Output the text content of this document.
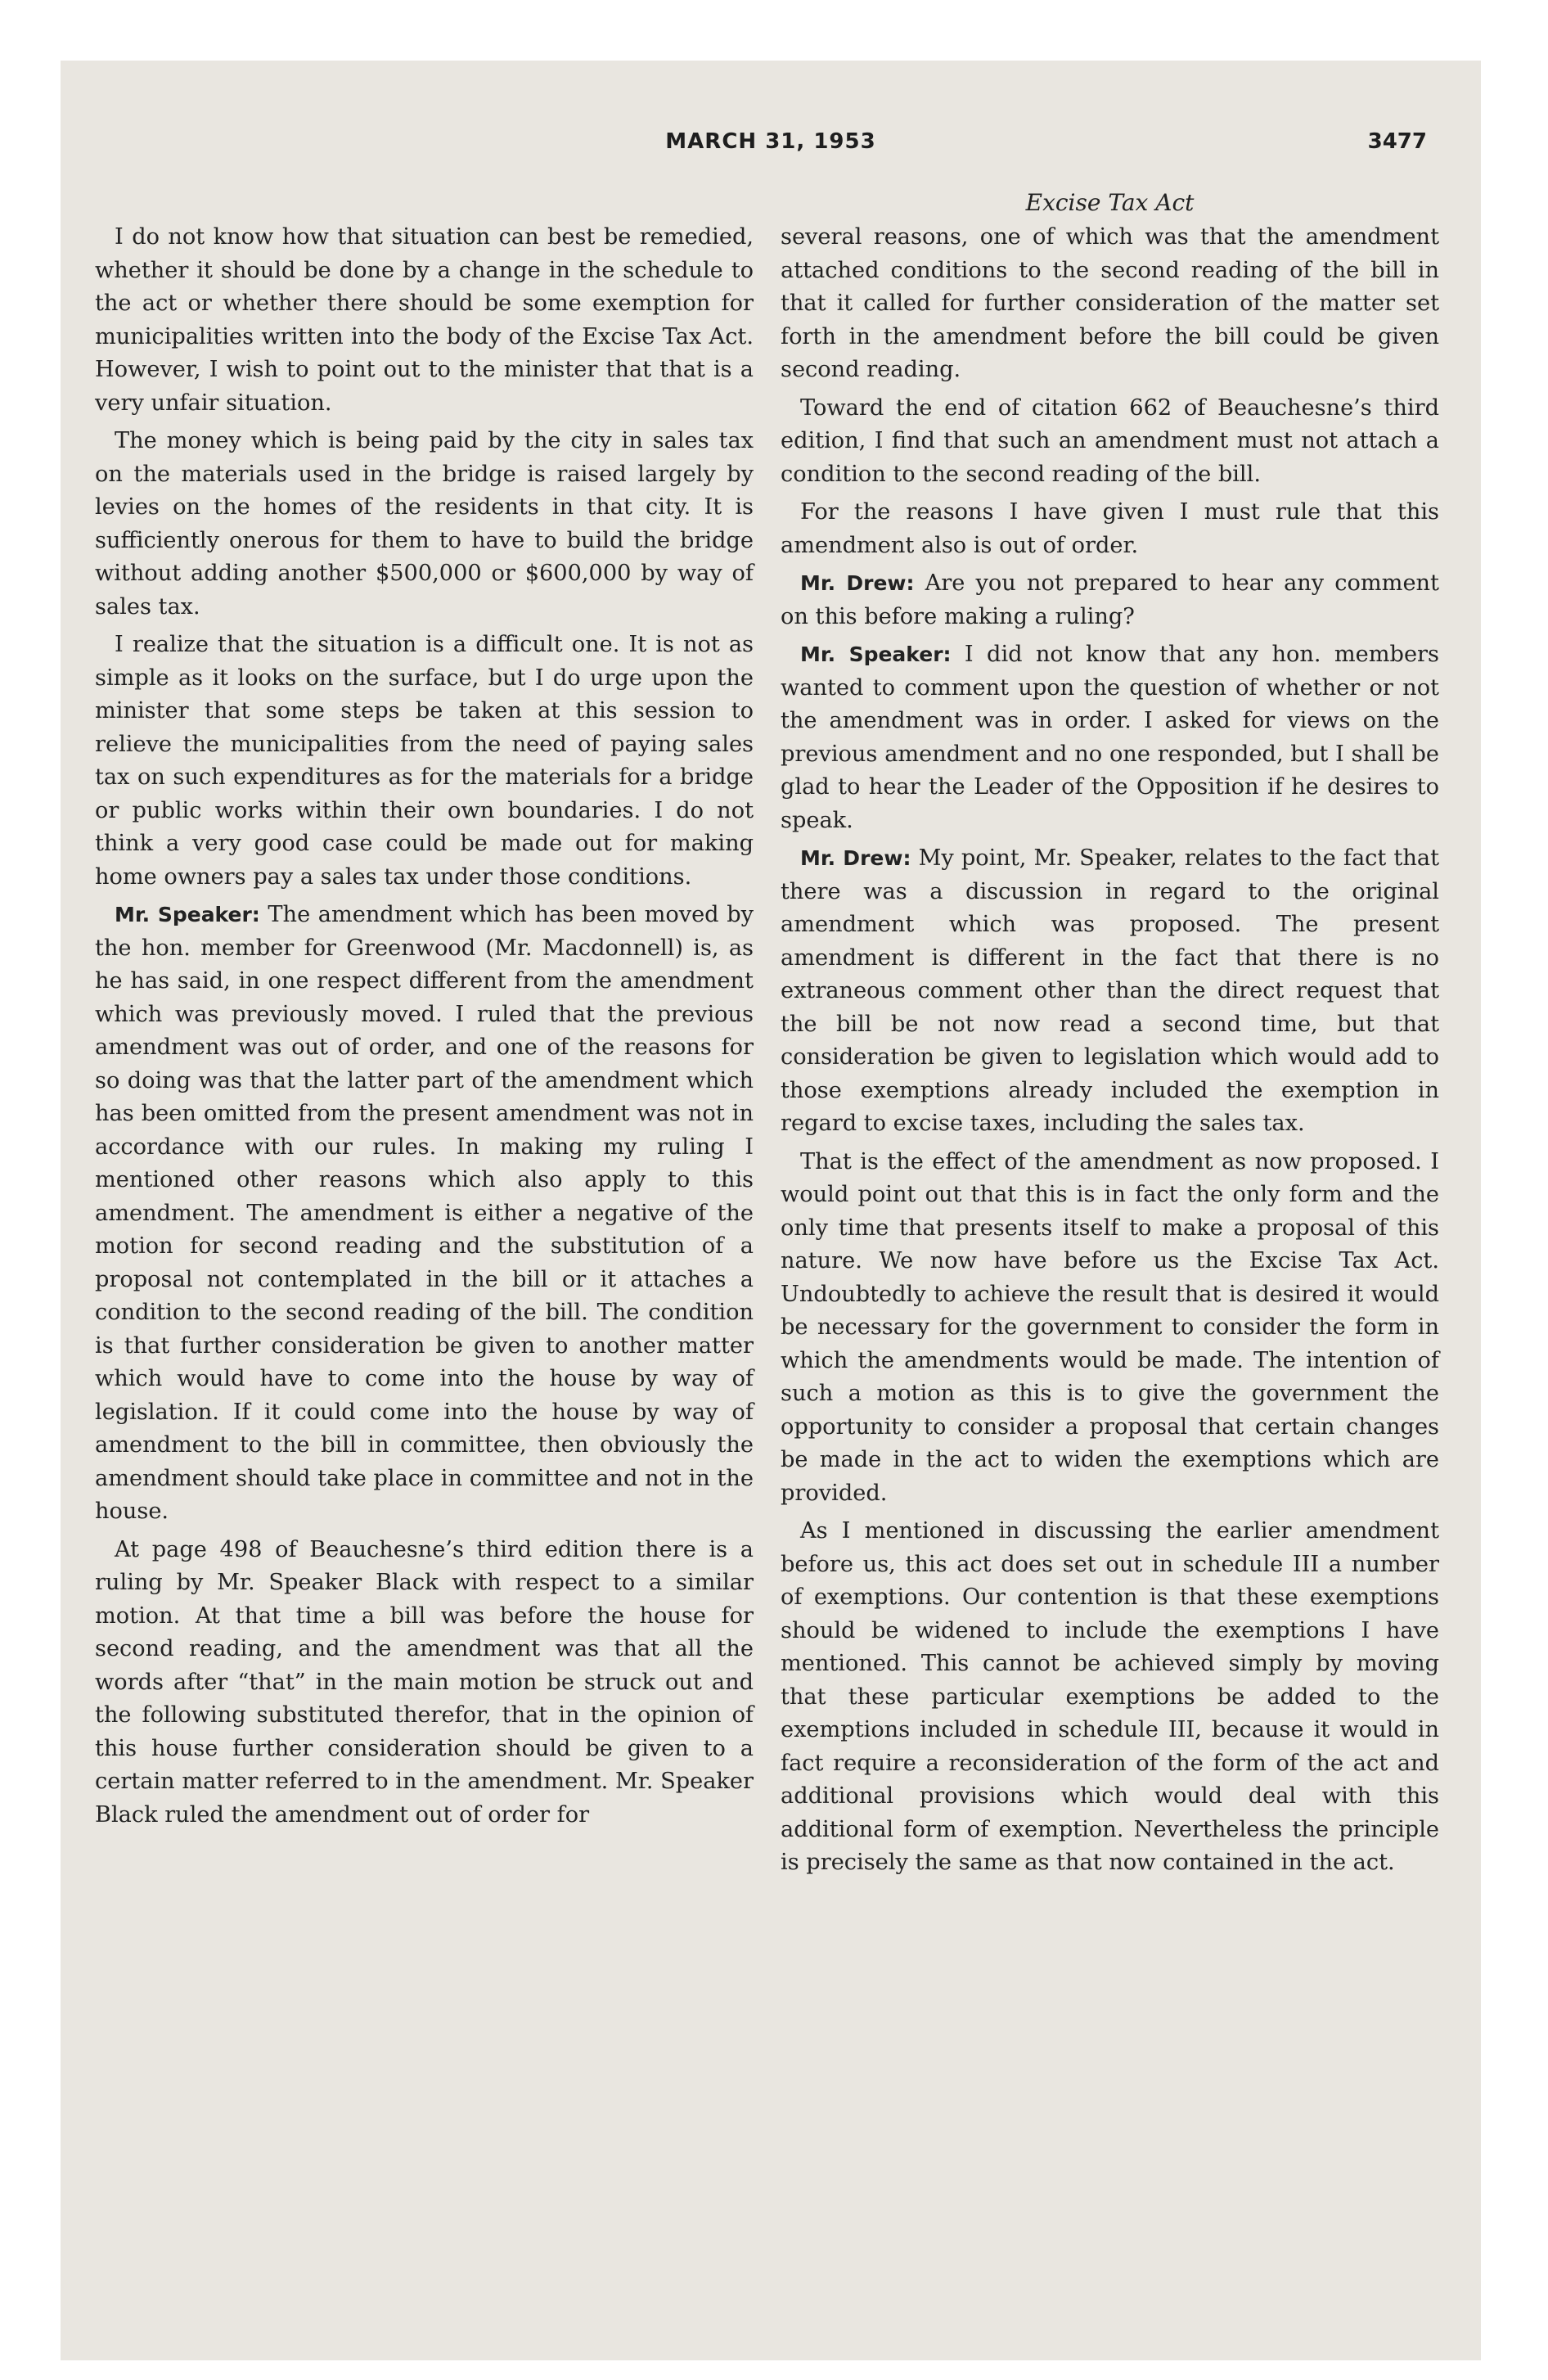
MARCH 31, 1953	3477

I do not know how that situation can best be remedied, whether it should be done by a change in the schedule to the act or whether there should be some exemption for municipalities written into the body of the Excise Tax Act. However, I wish to point out to the minister that that is a very unfair situation.

The money which is being paid by the city in sales tax on the materials used in the bridge is raised largely by levies on the homes of the residents in that city. It is sufficiently onerous for them to have to build the bridge without adding another $500,000 or $600,000 by way of sales tax.

I realize that the situation is a difficult one. It is not as simple as it looks on the surface, but I do urge upon the minister that some steps be taken at this session to relieve the municipalities from the need of paying sales tax on such expenditures as for the materials for a bridge or public works within their own boundaries. I do not think a very good case could be made out for making home owners pay a sales tax under those conditions.

Mr. Speaker: The amendment which has been moved by the hon. member for Greenwood (Mr. Macdonnell) is, as he has said, in one respect different from the amendment which was previously moved. I ruled that the previous amendment was out of order, and one of the reasons for so doing was that the latter part of the amendment which has been omitted from the present amendment was not in accordance with our rules. In making my ruling I mentioned other reasons which also apply to this amendment. The amendment is either a negative of the motion for second reading and the substitution of a proposal not contemplated in the bill or it attaches a condition to the second reading of the bill. The condition is that further consideration be given to another matter which would have to come into the house by way of legislation. If it could come into the house by way of amendment to the bill in committee, then obviously the amendment should take place in committee and not in the house.

At page 498 of Beauchesne’s third edition there is a ruling by Mr. Speaker Black with respect to a similar motion. At that time a bill was before the house for second reading, and the amendment was that all the words after “that” in the main motion be struck out and the following substituted therefor, that in the opinion of this house further consideration should be given to a certain matter referred to in the amendment. Mr. Speaker Black ruled the amendment out of order for

Excise Tax Act

several reasons, one of which was that the amendment attached conditions to the second reading of the bill in that it called for further consideration of the matter set forth in the amendment before the bill could be given second reading.

Toward the end of citation 662 of Beauchesne’s third edition, I find that such an amendment must not attach a condition to the second reading of the bill.

For the reasons I have given I must rule that this amendment also is out of order.

Mr. Drew: Are you not prepared to hear any comment on this before making a ruling?

Mr. Speaker: I did not know that any hon. members wanted to comment upon the question of whether or not the amendment was in order. I asked for views on the previous amendment and no one responded, but I shall be glad to hear the Leader of the Opposition if he desires to speak.

Mr. Drew: My point, Mr. Speaker, relates to the fact that there was a discussion in regard to the original amendment which was proposed. The present amendment is different in the fact that there is no extraneous comment other than the direct request that the bill be not now read a second time, but that consideration be given to legislation which would add to those exemptions already included the exemption in regard to excise taxes, including the sales tax.

That is the effect of the amendment as now proposed. I would point out that this is in fact the only form and the only time that presents itself to make a proposal of this nature. We now have before us the Excise Tax Act. Undoubtedly to achieve the result that is desired it would be necessary for the government to consider the form in which the amendments would be made. The intention of such a motion as this is to give the government the opportunity to consider a proposal that certain changes be made in the act to widen the exemptions which are provided.

As I mentioned in discussing the earlier amendment before us, this act does set out in schedule III a number of exemptions. Our contention is that these exemptions should be widened to include the exemptions I have mentioned. This cannot be achieved simply by moving that these particular exemptions be added to the exemptions included in schedule III, because it would in fact require a reconsideration of the form of the act and additional provisions which would deal with this additional form of exemption. Nevertheless the principle is precisely the same as that now contained in the act.
